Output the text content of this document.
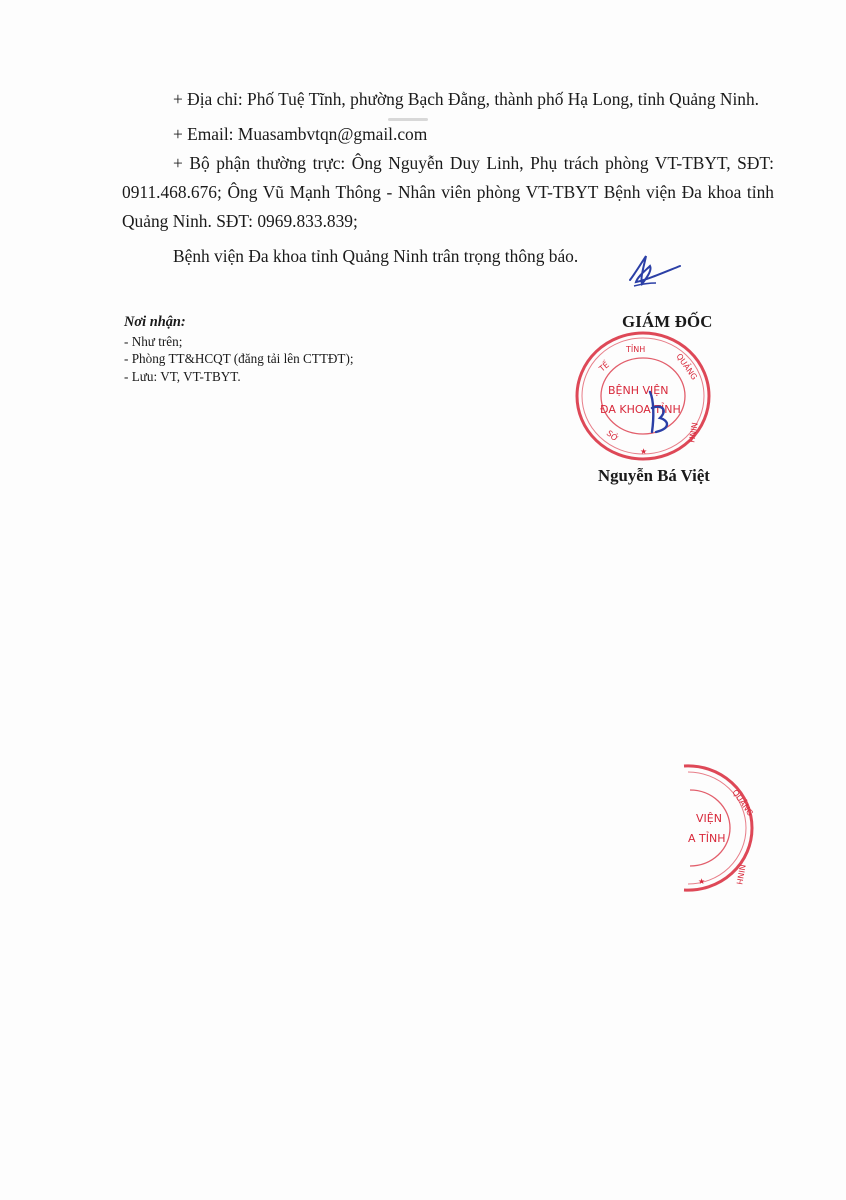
+ Địa chỉ: Phố Tuệ Tĩnh, phường Bạch Đằng, thành phố Hạ Long, tỉnh Quảng Ninh.

+ Email: Muasambvtqn@gmail.com

+ Bộ phận thường trực: Ông Nguyễn Duy Linh, Phụ trách phòng VT-TBYT, SĐT: 0911.468.676; Ông Vũ Mạnh Thông - Nhân viên phòng VT-TBYT Bệnh viện Đa khoa tỉnh Quảng Ninh. SĐT: 0969.833.839;

Bệnh viện Đa khoa tỉnh Quảng Ninh trân trọng thông báo.

Nơi nhận:
- Như trên;
- Phòng TT&HCQT (đăng tải lên CTTĐT);
- Lưu: VT, VT-TBYT.
GIÁM ĐỐC
TỈNH
TẾ	QUẢNG
NINH
SỞ
★
BỆNH VIỆN
ĐA KHOA TỈNH
Nguyễn Bá Việt
VIỆN
A TỈNH
QUẢNG
NINH
★
